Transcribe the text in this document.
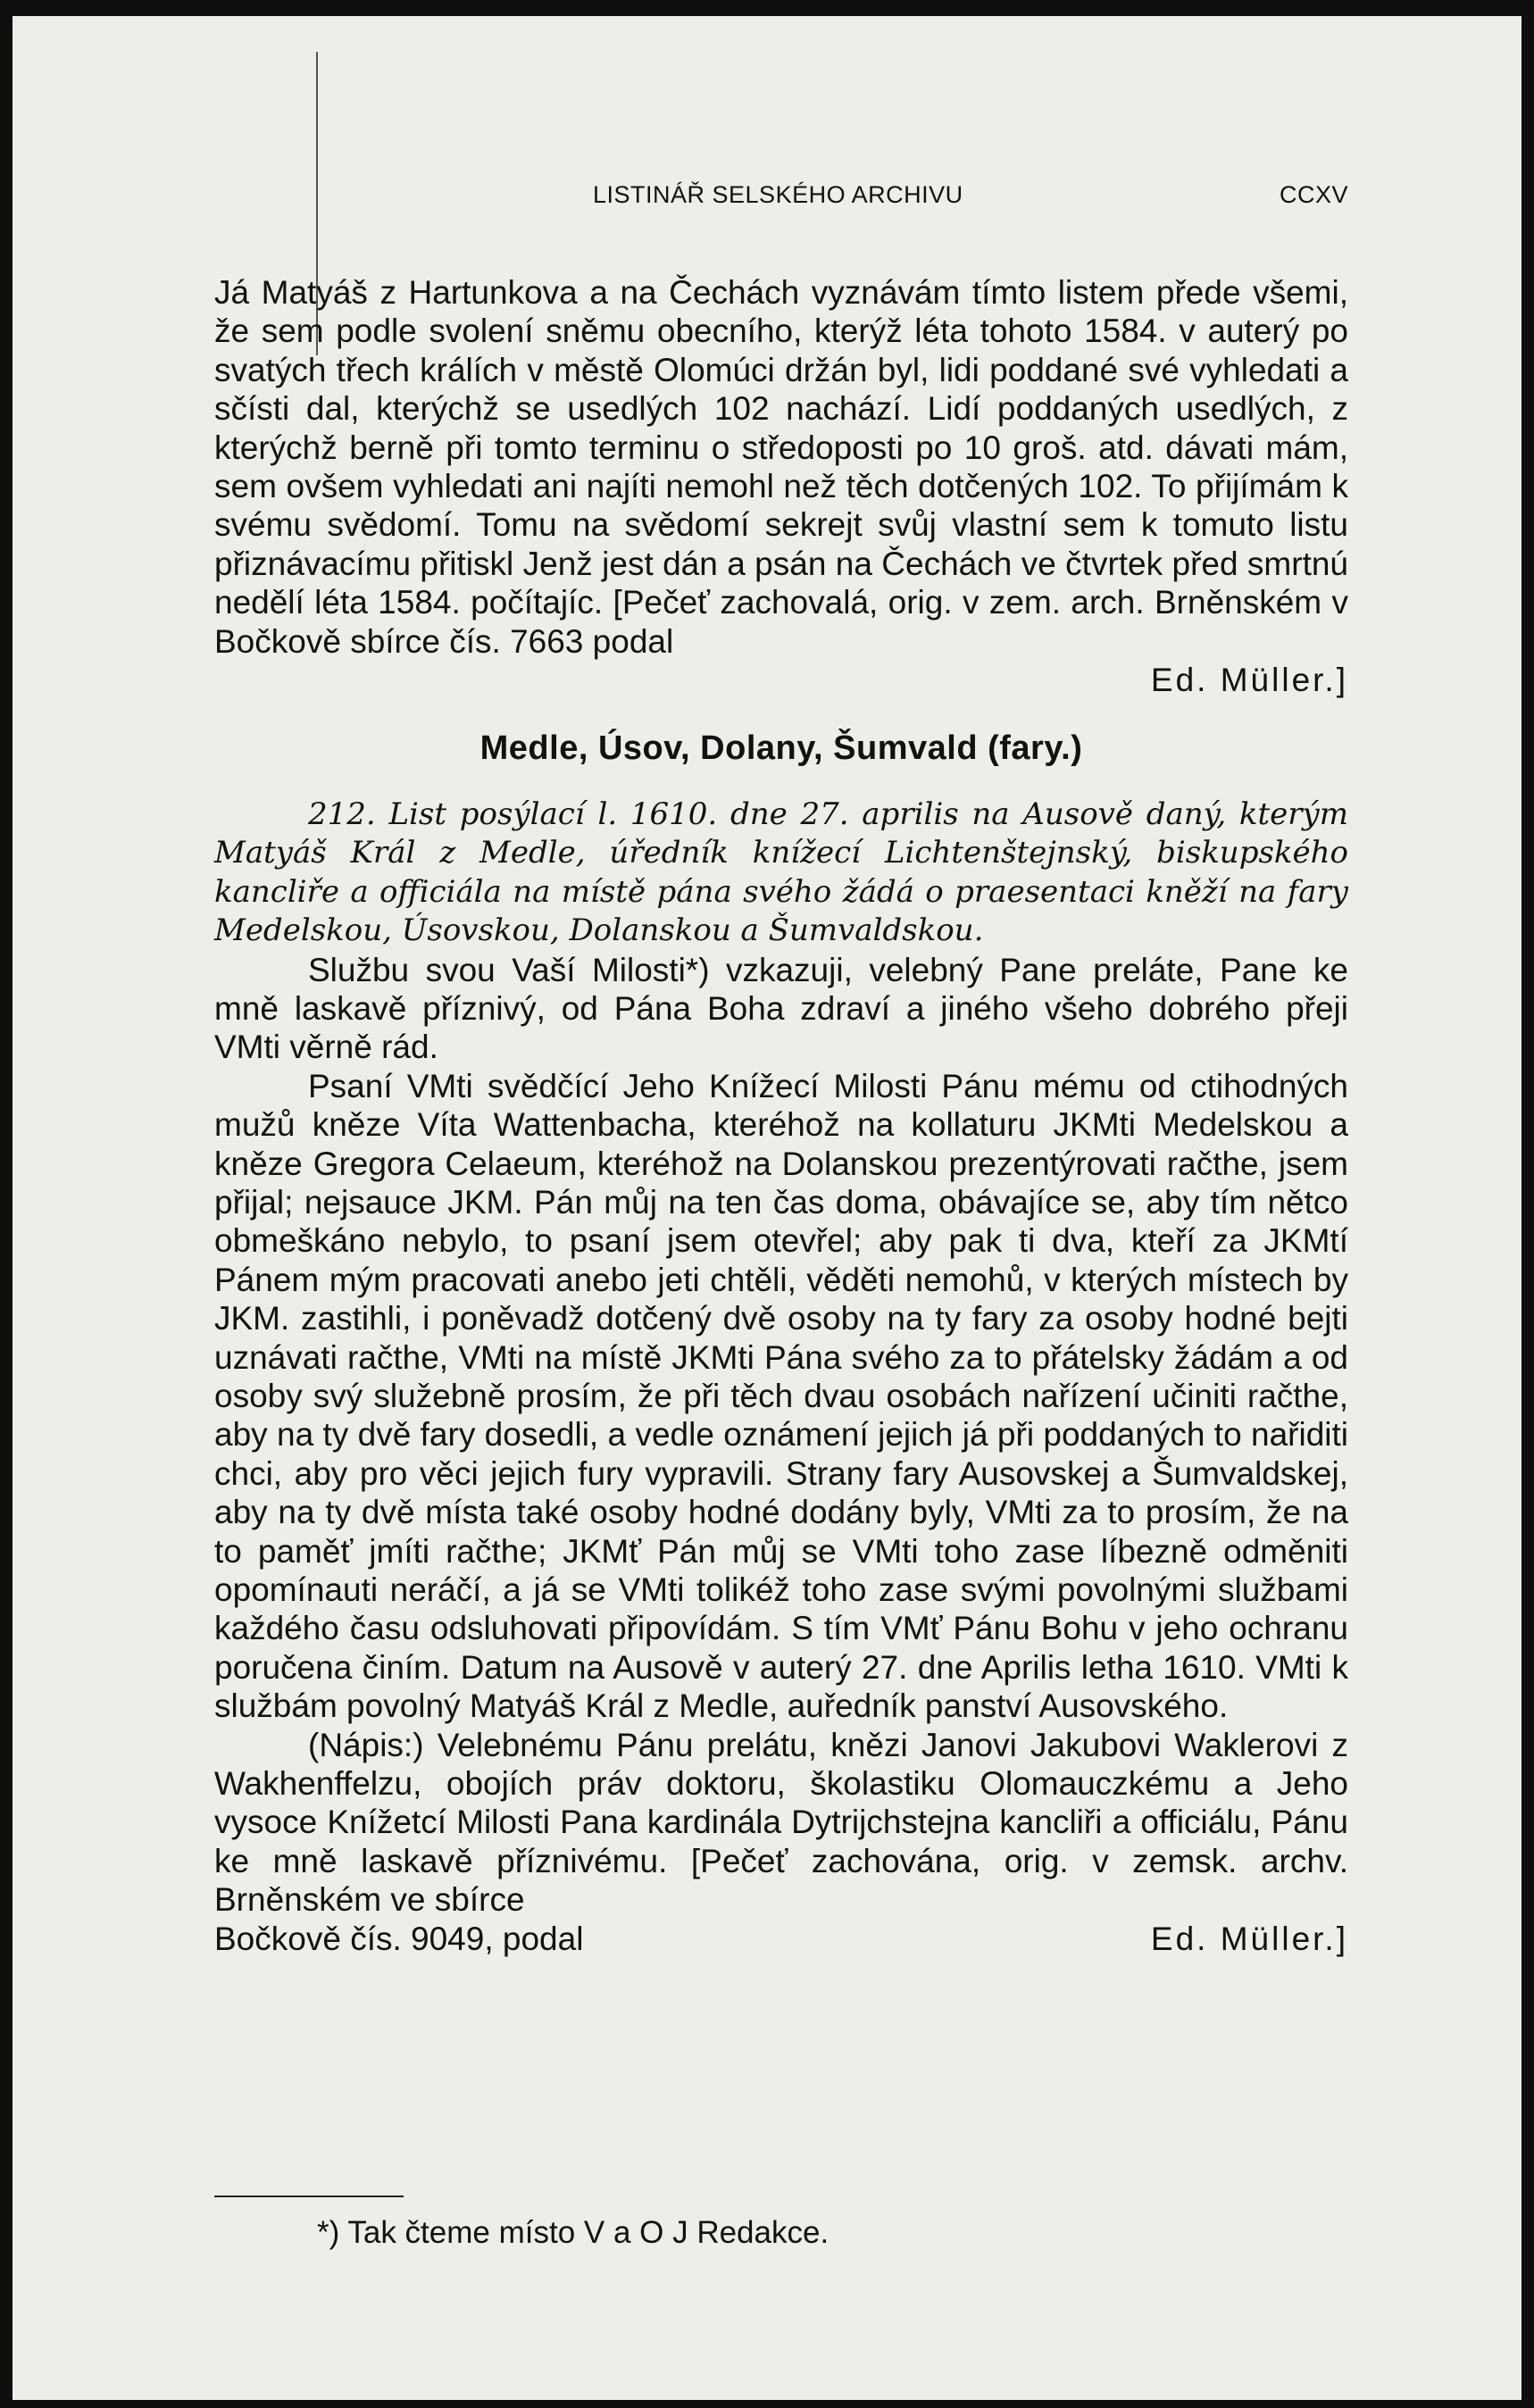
LISTINÁŘ SELSKÉHO ARCHIVU	CCXV

Já Matyáš z Hartunkova a na Čechách vyznávám tímto listem přede všemi, že sem podle svolení sněmu obecního, kterýž léta tohoto 1584. v auterý po svatých třech králích v městě Olomúci držán byl, lidi poddané své vyhledati a sčísti dal, kterýchž se usedlých 102 nachází. Lidí poddaných usedlých, z kterýchž berně při tomto terminu o středoposti po 10 groš. atd. dávati mám, sem ovšem vyhledati ani najíti nemohl než těch dotčených 102. To přijímám k svému svědomí. Tomu na svědomí sekrejt svůj vlastní sem k tomuto listu přiznávacímu přitiskl Jenž jest dán a psán na Čechách ve čtvrtek před smrtnú nedělí léta 1584. počítajíc. [Pečeť zachovalá, orig. v zem. arch. Brněnském v Bočkově sbírce čís. 7663 podal

Ed. Müller.]

Medle, Úsov, Dolany, Šumvald (fary.)

212. List posýlací l. 1610. dne 27. aprilis na Ausově daný, kterým Matyáš Král z Medle, úředník knížecí Lichtenštejnský, biskupského kancliře a officiála na místě pána svého žádá o praesentaci kněží na fary Medelskou, Úsovskou, Dolanskou a Šumvaldskou.

Službu svou Vaší Milosti*) vzkazuji, velebný Pane preláte, Pane ke mně laskavě příznivý, od Pána Boha zdraví a jiného všeho dobrého přeji VMti věrně rád.

Psaní VMti svědčící Jeho Knížecí Milosti Pánu mému od ctihodných mužů kněze Víta Wattenbacha, kteréhož na kollaturu JKMti Medelskou a kněze Gregora Celaeum, kteréhož na Dolanskou prezentýrovati račthe, jsem přijal; nejsauce JKM. Pán můj na ten čas doma, obávajíce se, aby tím nětco obmeškáno nebylo, to psaní jsem otevřel; aby pak ti dva, kteří za JKMtí Pánem mým pracovati anebo jeti chtěli, věděti nemohů, v kterých místech by JKM. zastihli, i poněvadž dotčený dvě osoby na ty fary za osoby hodné bejti uznávati račthe, VMti na místě JKMti Pána svého za to přátelsky žádám a od osoby svý služebně prosím, že při těch dvau osobách nařízení učiniti račthe, aby na ty dvě fary dosedli, a vedle oznámení jejich já při poddaných to nařiditi chci, aby pro věci jejich fury vypravili. Strany fary Ausovskej a Šumvaldskej, aby na ty dvě místa také osoby hodné dodány byly, VMti za to prosím, že na to paměť jmíti račthe; JKMť Pán můj se VMti toho zase líbezně odměniti opomínauti neráčí, a já se VMti tolikéž toho zase svými povolnými službami každého času odsluhovati připovídám. S tím VMť Pánu Bohu v jeho ochranu poručena činím. Datum na Ausově v auterý 27. dne Aprilis letha 1610. VMti k službám povolný Matyáš Král z Medle, auředník panství Ausovského.

(Nápis:) Velebnému Pánu prelátu, knězi Janovi Jakubovi Waklerovi z Wakhenffelzu, obojích práv doktoru, školastiku Olomauczkému a Jeho vysoce Knížetcí Milosti Pana kardinála Dytrijchstejna kancliři a officiálu, Pánu ke mně laskavě příznivému. [Pečeť zachována, orig. v zemsk. archv. Brněnském ve sbírce

Bočkově čís. 9049, podal	Ed. Müller.]

*) Tak čteme místo V a O J Redakce.
